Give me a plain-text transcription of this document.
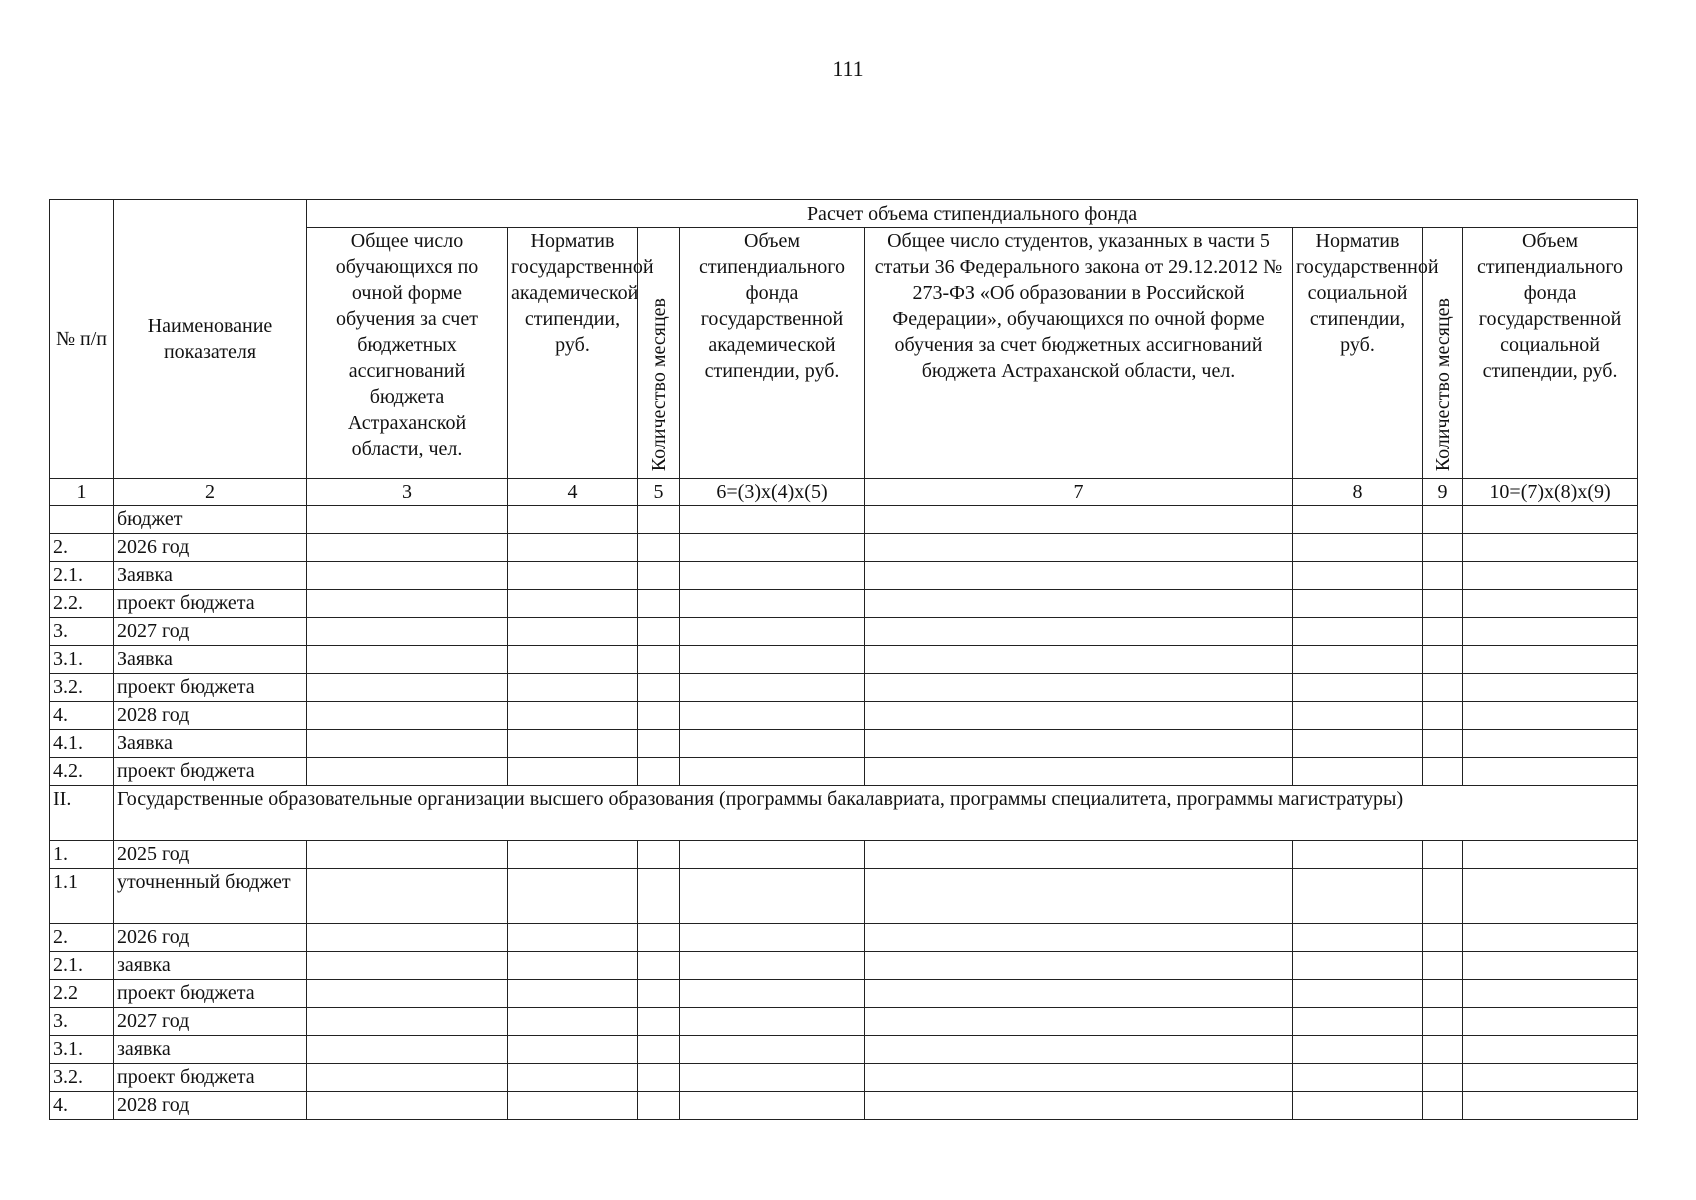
111
№ п/п	Наименование показателя	Расчет объема стипендиального фонда							
		Общее число обучающихся по очной форме обучения за счет бюджетных ассигнований бюджета Астраханской области, чел.	Норматив государственной академической стипендии, руб.	Количество месяцев	Объем стипендиального фонда государственной академической стипендии, руб.	Общее число студентов, указанных в части 5 статьи 36 Федерального закона от 29.12.2012 № 273-ФЗ «Об образовании в Российской Федерации», обучающихся по очной форме обучения за счет бюджетных ассигнований бюджета Астраханской области, чел.	Норматив государственной социальной стипендии, руб.	Количество месяцев	Объем стипендиального фонда государственной социальной стипендии, руб.
1	2	3	4	5	6=(3)x(4)x(5)	7	8	9	10=(7)x(8)x(9)
	бюджет								
2.	2026 год								
2.1.	Заявка								
2.2.	проект бюджета								
3.	2027 год								
3.1.	Заявка								
3.2.	проект бюджета								
4.	2028 год								
4.1.	Заявка								
4.2.	проект бюджета								
II.	Государственные образовательные организации высшего образования (программы бакалавриата, программы специалитета, программы магистратуры)								
1.	2025 год								
1.1	уточненный бюджет								
2.	2026 год								
2.1.	заявка								
2.2	проект бюджета								
3.	2027 год								
3.1.	заявка								
3.2.	проект бюджета								
4.	2028 год								
